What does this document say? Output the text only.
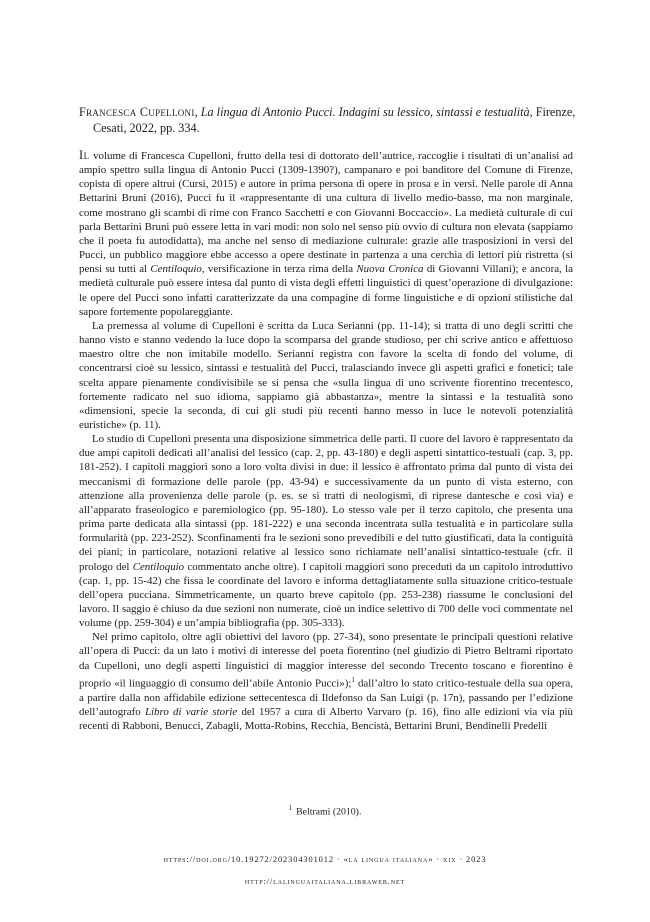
Francesca Cupelloni, La lingua di Antonio Pucci. Indagini su lessico, sintassi e testualità, Firenze, Cesati, 2022, pp. 334.

Il volume di Francesca Cupelloni, frutto della tesi di dottorato dell’autrice, raccoglie i risultati di un’analisi ad ampio spettro sulla lingua di Antonio Pucci (1309-1390?), campanaro e poi banditore del Comune di Firenze, copista di opere altrui (Cursi, 2015) e autore in prima persona di opere in prosa e in versi. Nelle parole di Anna Bettarini Bruni (2016), Pucci fu il «rappresentante di una cultura di livello medio-basso, ma non marginale, come mostrano gli scambi di rime con Franco Sacchetti e con Giovanni Boccaccio». La medietà culturale di cui parla Bettarini Bruni può essere letta in vari modi: non solo nel senso più ovvio di cultura non elevata (sappiamo che il poeta fu autodidatta), ma anche nel senso di mediazione culturale: grazie alle trasposizioni in versi del Pucci, un pubblico maggiore ebbe accesso a opere destinate in partenza a una cerchia di lettori più ristretta (si pensi su tutti al Centiloquio, versificazione in terza rima della Nuova Cronica di Giovanni Villani); e ancora, la medietà culturale può essere intesa dal punto di vista degli effetti linguistici di quest’operazione di divulgazione: le opere del Pucci sono infatti caratterizzate da una compagine di forme linguistiche e di opzioni stilistiche dal sapore fortemente popolareggiante.

La premessa al volume di Cupelloni è scritta da Luca Serianni (pp. 11-14); si tratta di uno degli scritti che hanno visto e stanno vedendo la luce dopo la scomparsa del grande studioso, per chi scrive antico e affettuoso maestro oltre che non imitabile modello. Serianni registra con favore la scelta di fondo del volume, di concentrarsi cioè su lessico, sintassi e testualità del Pucci, tralasciando invece gli aspetti grafici e fonetici; tale scelta appare pienamente condivisibile se si pensa che «sulla lingua di uno scrivente fiorentino trecentesco, fortemente radicato nel suo idioma, sappiamo già abbastanza», mentre la sintassi e la testualità sono «dimensioni, specie la seconda, di cui gli studi più recenti hanno messo in luce le notevoli potenzialità euristiche» (p. 11).

Lo studio di Cupelloni presenta una disposizione simmetrica delle parti. Il cuore del lavoro è rappresentato da due ampi capitoli dedicati all’analisi del lessico (cap. 2, pp. 43-180) e degli aspetti sintattico-testuali (cap. 3, pp. 181-252). I capitoli maggiori sono a loro volta divisi in due: il lessico è affrontato prima dal punto di vista dei meccanismi di formazione delle parole (pp. 43-94) e successivamente da un punto di vista esterno, con attenzione alla provenienza delle parole (p. es. se si tratti di neologismi, di riprese dantesche e così via) e all’apparato fraseologico e paremiologico (pp. 95-180). Lo stesso vale per il terzo capitolo, che presenta una prima parte dedicata alla sintassi (pp. 181-222) e una seconda incentrata sulla testualità e in particolare sulla formularità (pp. 223-252). Sconfinamenti fra le sezioni sono prevedibili e del tutto giustificati, data la contiguità dei piani; in particolare, notazioni relative al lessico sono richiamate nell’analisi sintattico-testuale (cfr. il prologo del Centiloquio commentato anche oltre). I capitoli maggiori sono preceduti da un capitolo introduttivo (cap. 1, pp. 15-42) che fissa le coordinate del lavoro e informa dettagliatamente sulla situazione critico-testuale dell’opera pucciana. Simmetricamente, un quarto breve capitolo (pp. 253-238) riassume le conclusioni del lavoro. Il saggio è chiuso da due sezioni non numerate, cioè un indice selettivo di 700 delle voci commentate nel volume (pp. 259-304) e un’ampia bibliografia (pp. 305-333).

Nel primo capitolo, oltre agli obiettivi del lavoro (pp. 27-34), sono presentate le principali questioni relative all’opera di Pucci: da un lato i motivi di interesse del poeta fiorentino (nel giudizio di Pietro Beltrami riportato da Cupelloni, uno degli aspetti linguistici di maggior interesse del secondo Trecento toscano e fiorentino è proprio «il linguaggio di consumo dell’abile Antonio Pucci»);$^1$ dall’altro lo stato critico-testuale della sua opera, a partire dalla non affidabile edizione settecentesca di Ildefonso da San Luigi (p. 17n), passando per l’edizione dell’autografo Libro di varie storie del 1957 a cura di Alberto Varvaro (p. 16), fino alle edizioni via via più recenti di Rabboni, Benucci, Zabagli, Motta-Robins, Recchia, Bencistà, Bettarini Bruni, Bendinelli Predelli

$^1$ Beltrami (2010).
https://doi.org/10.19272/202304301012 · «la lingua italiana» · xix · 2023
http://lalinguaitaliana.libraweb.net
